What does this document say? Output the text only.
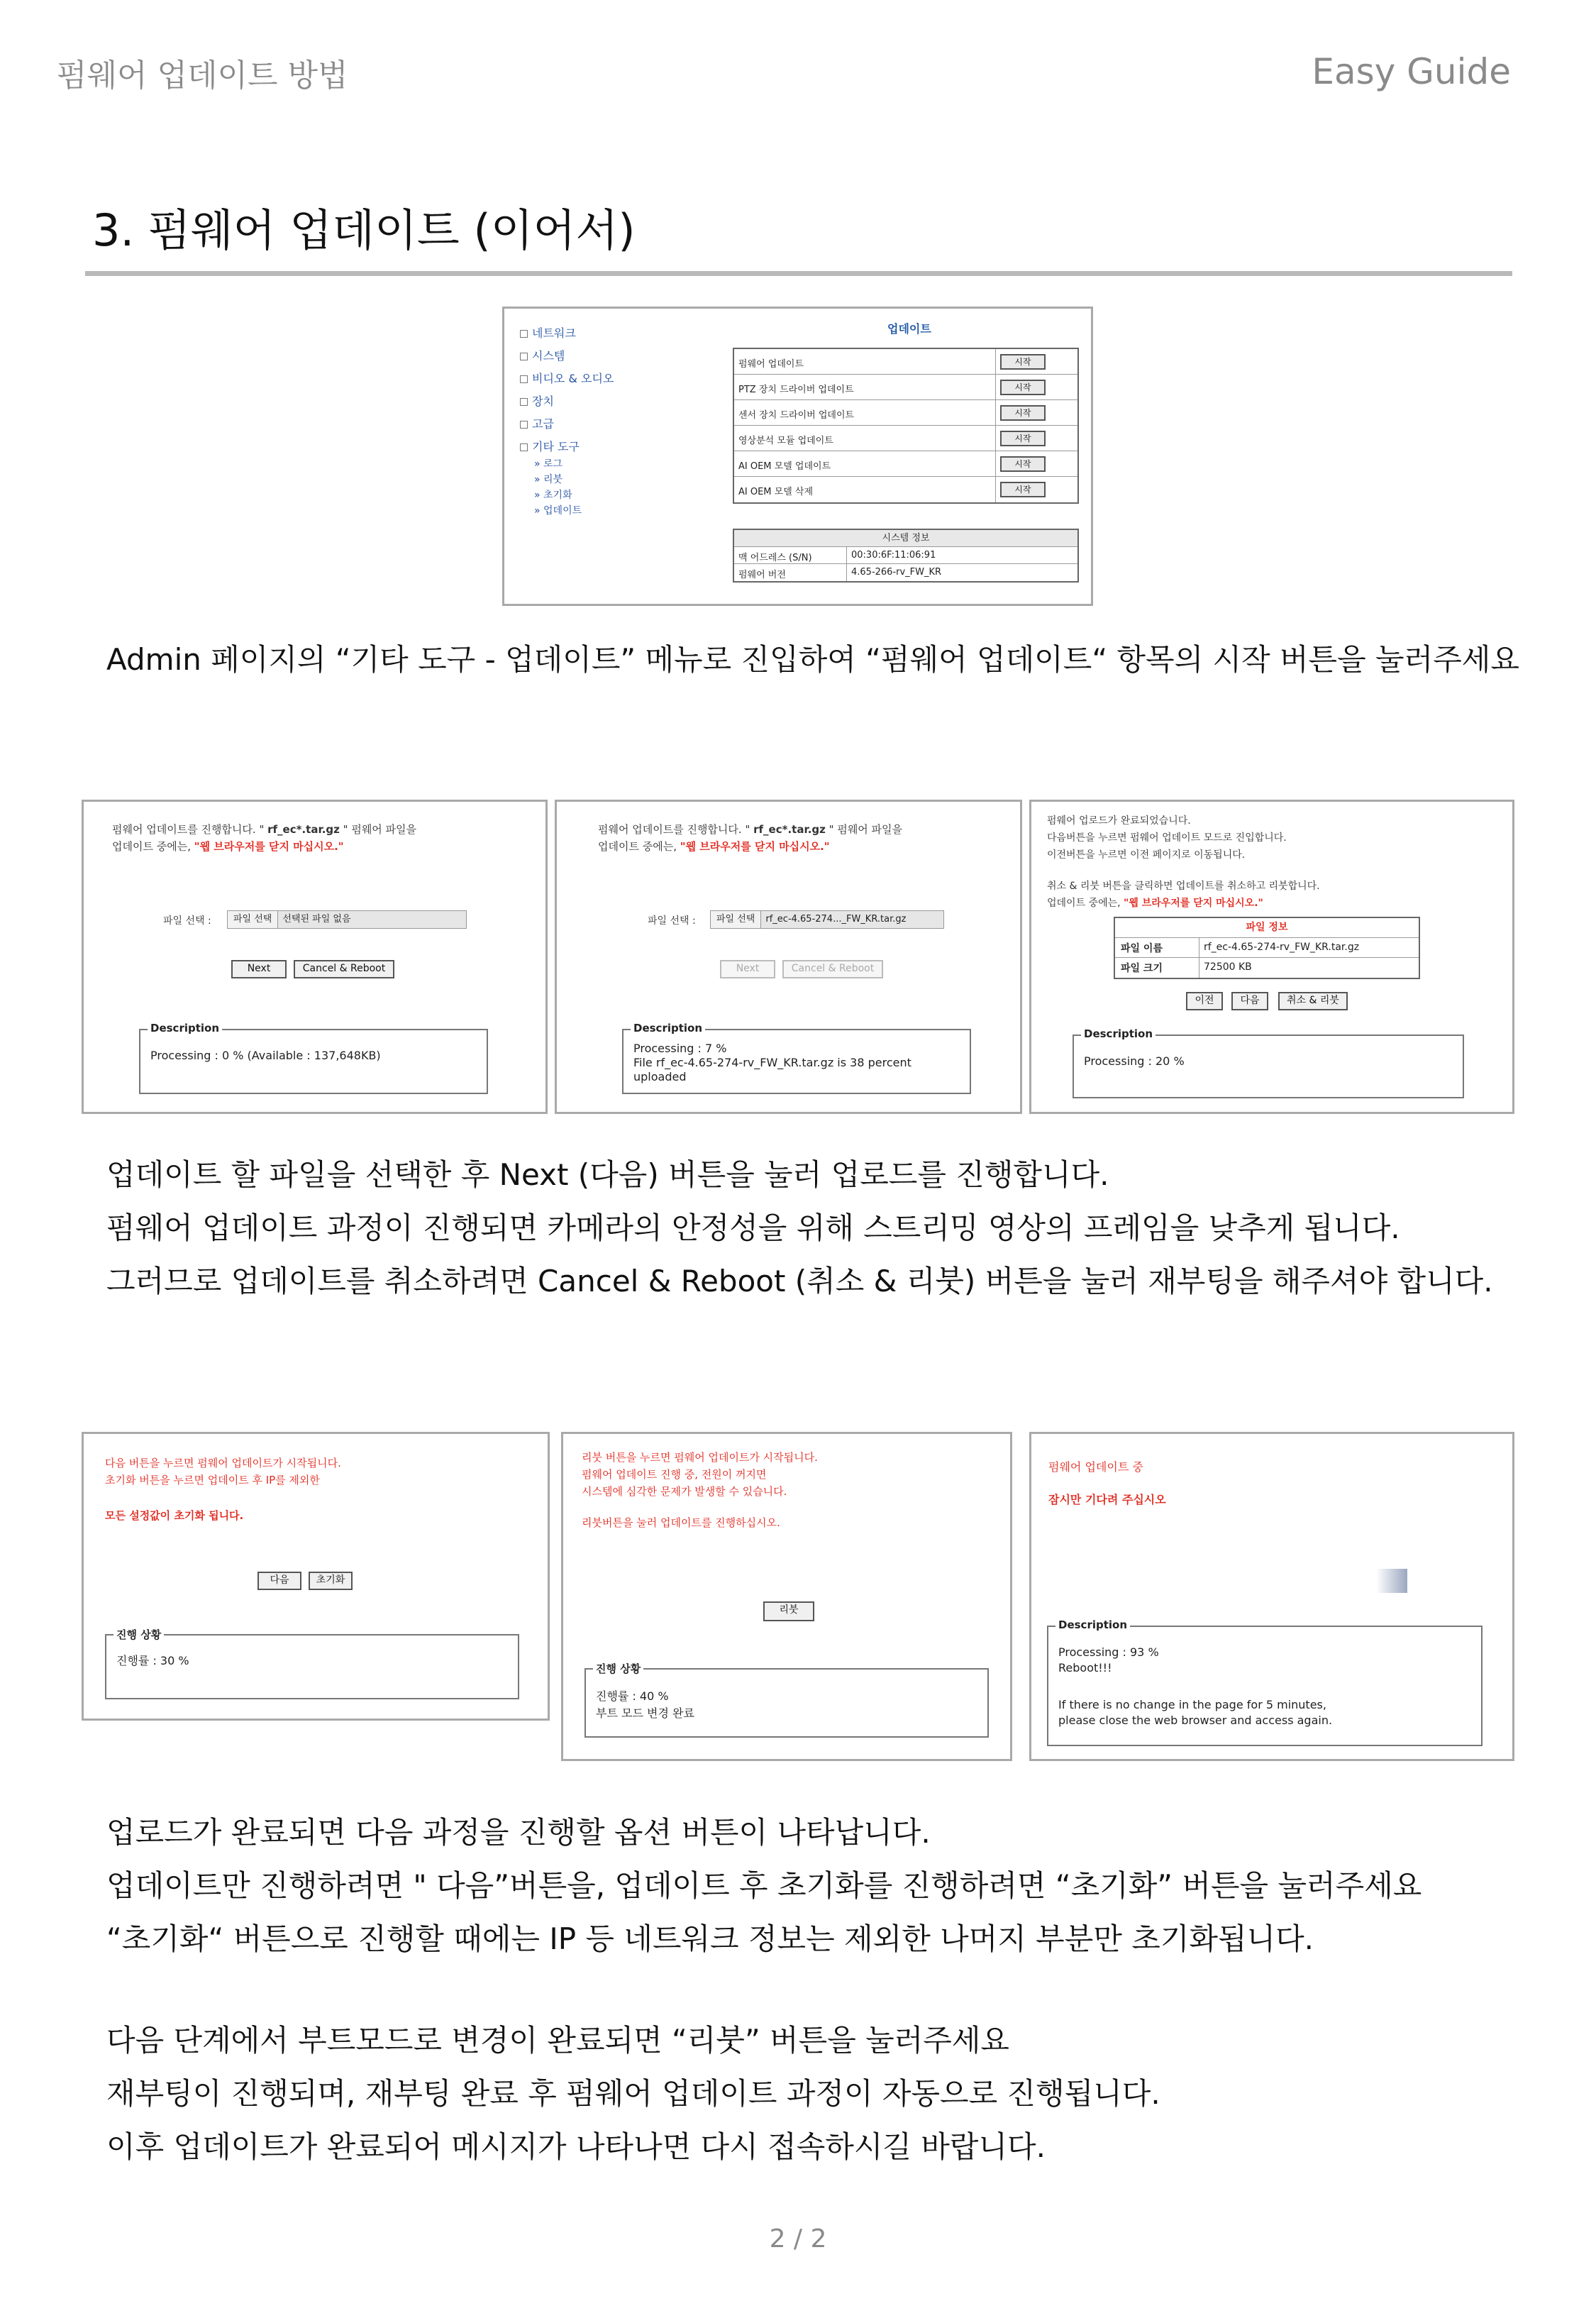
펌웨어 업데이트 방법	Easy Guide
3. 펌웨어 업데이트 (이어서)
네트워크
시스템
비디오 & 오디오
장치
고급
기타 도구
» 로그
» 리붓
» 초기화
» 업데이트
업데이트
펌웨어 업데이트	시작
PTZ 장치 드라이버 업데이트	시작
센서 장치 드라이버 업데이트	시작
영상분석 모듈 업데이트	시작
AI OEM 모델 업데이트	시작
AI OEM 모델 삭제	시작
시스템 정보
맥 어드레스 (S/N)	00:30:6F:11:06:91
펌웨어 버전	4.65-266-rv_FW_KR
Admin 페이지의 “기타 도구 - 업데이트” 메뉴로 진입하여 “펌웨어 업데이트“ 항목의 시작 버튼을 눌러주세요
펌웨어 업데이트를 진행합니다. " rf_ec*.tar.gz " 펌웨어 파일을
업데이트 중에는, "웹 브라우저를 닫지 마십시오."
파일 선택 :	파일 선택 선택된 파일 없음
Next	Cancel & Reboot
Description
Processing : 0 % (Available : 137,648KB)
펌웨어 업데이트를 진행합니다. " rf_ec*.tar.gz " 펌웨어 파일을
업데이트 중에는, "웹 브라우저를 닫지 마십시오."
파일 선택 :	파일 선택 rf_ec-4.65-274..._FW_KR.tar.gz
Next	Cancel & Reboot
Description
Processing : 7 %
File rf_ec-4.65-274-rv_FW_KR.tar.gz is 38 percent
uploaded
펌웨어 업로드가 완료되었습니다.
다음버튼을 누르면 펌웨어 업데이트 모드로 진입합니다.
이전버튼을 누르면 이전 페이지로 이동됩니다.
취소 & 리붓 버튼을 클릭하면 업데이트를 취소하고 리붓합니다.
업데이트 중에는, "웹 브라우저를 닫지 마십시오."
파일 정보
파일 이름	rf_ec-4.65-274-rv_FW_KR.tar.gz
파일 크기	72500 KB
이전	다음	취소 & 리붓
Description
Processing : 20 %
업데이트 할 파일을 선택한 후 Next (다음) 버튼을 눌러 업로드를 진행합니다.
펌웨어 업데이트 과정이 진행되면 카메라의 안정성을 위해 스트리밍 영상의 프레임을 낮추게 됩니다.
그러므로 업데이트를 취소하려면 Cancel & Reboot (취소 & 리붓) 버튼을 눌러 재부팅을 해주셔야 합니다.
다음 버튼을 누르면 펌웨어 업데이트가 시작됩니다.
초기화 버튼을 누르면 업데이트 후 IP를 제외한
모든 설정값이 초기화 됩니다.
다음	초기화
진행 상황
진행률 : 30 %
리붓 버튼을 누르면 펌웨어 업데이트가 시작됩니다.
펌웨어 업데이트 진행 중, 전원이 꺼지면
시스템에 심각한 문제가 발생할 수 있습니다.
리붓버튼을 눌러 업데이트를 진행하십시오.
리붓
진행 상황
진행률 : 40 %
부트 모드 변경 완료
펌웨어 업데이트 중
잠시만 기다려 주십시오
Description
Processing : 93 %
Reboot!!!
If there is no change in the page for 5 minutes,
please close the web browser and access again.
업로드가 완료되면 다음 과정을 진행할 옵션 버튼이 나타납니다.
업데이트만 진행하려면 " 다음”버튼을, 업데이트 후 초기화를 진행하려면 “초기화” 버튼을 눌러주세요
“초기화“ 버튼으로 진행할 때에는 IP 등 네트워크 정보는 제외한 나머지 부분만 초기화됩니다.
다음 단계에서 부트모드로 변경이 완료되면 “리붓” 버튼을 눌러주세요
재부팅이 진행되며, 재부팅 완료 후 펌웨어 업데이트 과정이 자동으로 진행됩니다.
이후 업데이트가 완료되어 메시지가 나타나면 다시 접속하시길 바랍니다.
2 / 2
